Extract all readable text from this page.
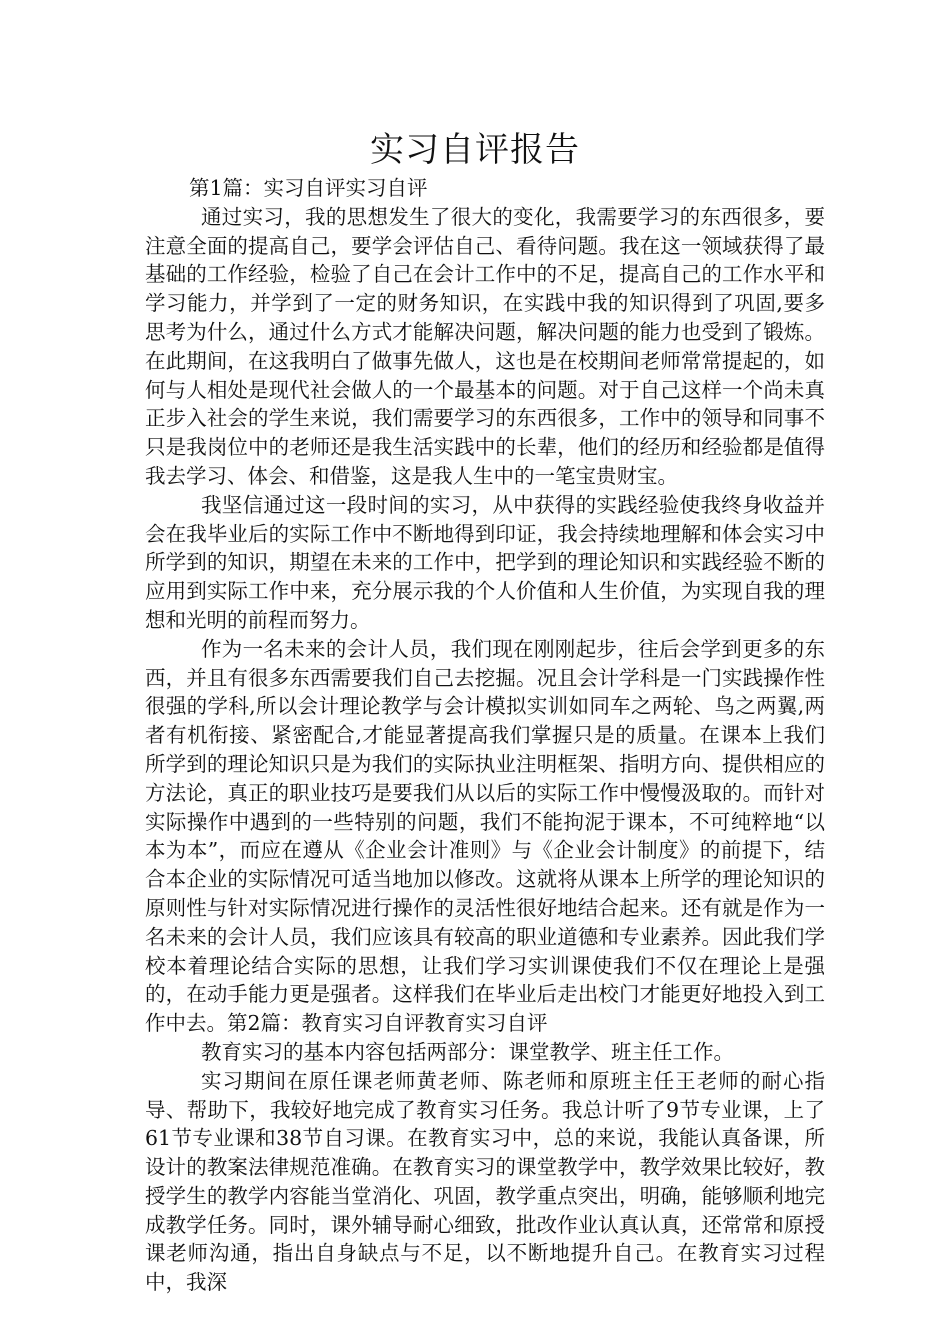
实习自评报告

第1篇：实习自评实习自评

通过实习，我的思想发生了很大的变化，我需要学习的东西很多，要注意全面的提高自己，要学会评估自己、看待问题。我在这一领域获得了最基础的工作经验，检验了自己在会计工作中的不足，提高自己的工作水平和学习能力，并学到了一定的财务知识，在实践中我的知识得到了巩固,要多思考为什么，通过什么方式才能解决问题，解决问题的能力也受到了锻炼。在此期间，在这我明白了做事先做人，这也是在校期间老师常常提起的，如何与人相处是现代社会做人的一个最基本的问题。对于自己这样一个尚未真正步入社会的学生来说，我们需要学习的东西很多，工作中的领导和同事不只是我岗位中的老师还是我生活实践中的长辈，他们的经历和经验都是值得我去学习、体会、和借鉴，这是我人生中的一笔宝贵财宝。

我坚信通过这一段时间的实习，从中获得的实践经验使我终身收益并会在我毕业后的实际工作中不断地得到印证，我会持续地理解和体会实习中所学到的知识，期望在未来的工作中，把学到的理论知识和实践经验不断的应用到实际工作中来，充分展示我的个人价值和人生价值，为实现自我的理想和光明的前程而努力。

作为一名未来的会计人员，我们现在刚刚起步，往后会学到更多的东西，并且有很多东西需要我们自己去挖掘。况且会计学科是一门实践操作性很强的学科,所以会计理论教学与会计模拟实训如同车之两轮、鸟之两翼,两者有机衔接、紧密配合,才能显著提高我们掌握只是的质量。在课本上我们所学到的理论知识只是为我们的实际执业注明框架、指明方向、提供相应的方法论，真正的职业技巧是要我们从以后的实际工作中慢慢汲取的。而针对实际操作中遇到的一些特别的问题，我们不能拘泥于课本，不可纯粹地“以本为本”，而应在遵从《企业会计准则》与《企业会计制度》的前提下，结合本企业的实际情况可适当地加以修改。这就将从课本上所学的理论知识的原则性与针对实际情况进行操作的灵活性很好地结合起来。还有就是作为一名未来的会计人员，我们应该具有较高的职业道德和专业素养。因此我们学校本着理论结合实际的思想，让我们学习实训课使我们不仅在理论上是强的，在动手能力更是强者。这样我们在毕业后走出校门才能更好地投入到工作中去。第2篇：教育实习自评教育实习自评

教育实习的基本内容包括两部分：课堂教学、班主任工作。

实习期间在原任课老师黄老师、陈老师和原班主任王老师的耐心指导、帮助下，我较好地完成了教育实习任务。我总计听了9节专业课，上了61节专业课和38节自习课。在教育实习中，总的来说，我能认真备课，所设计的教案法律规范准确。在教育实习的课堂教学中，教学效果比较好，教授学生的教学内容能当堂消化、巩固，教学重点突出，明确，能够顺利地完成教学任务。同时，课外辅导耐心细致，批改作业认真认真，还常常和原授课老师沟通，指出自身缺点与不足，以不断地提升自己。在教育实习过程中，我深
